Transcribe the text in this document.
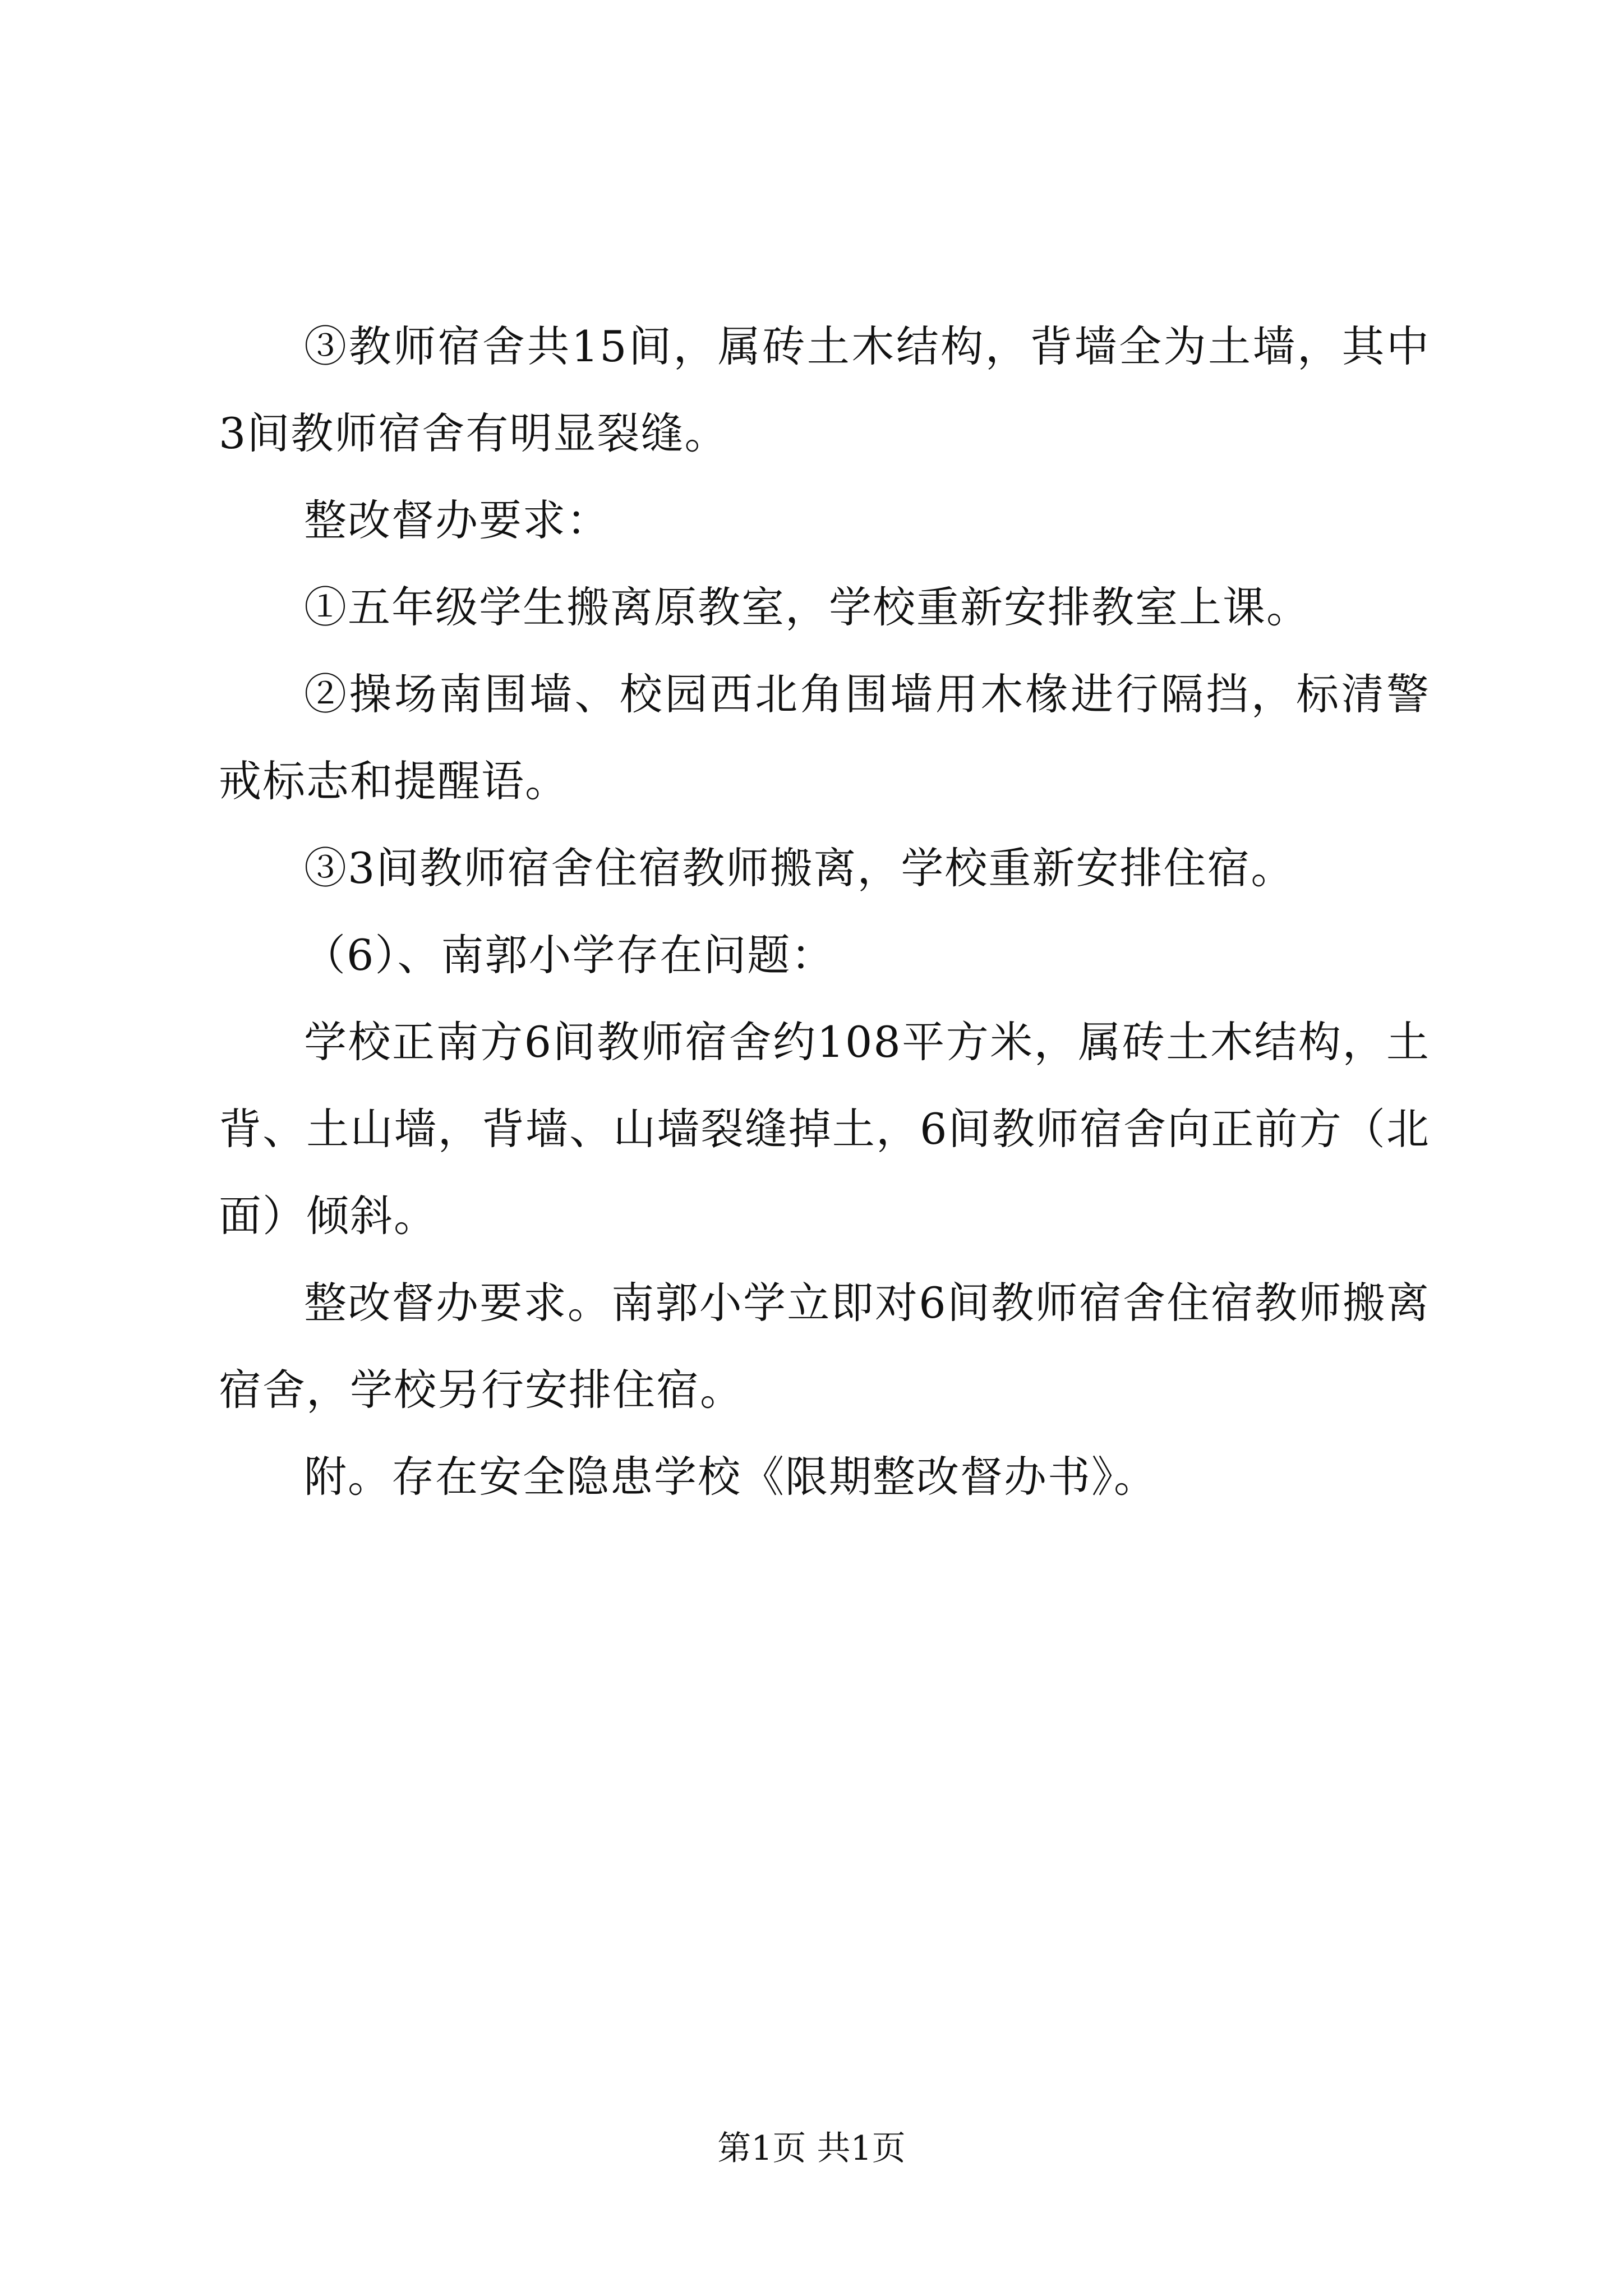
③教师宿舍共15间，属砖土木结构，背墙全为土墙，其中3间教师宿舍有明显裂缝。

整改督办要求：

①五年级学生搬离原教室，学校重新安排教室上课。

②操场南围墙、校园西北角围墙用木椽进行隔挡，标清警戒标志和提醒语。

③3间教师宿舍住宿教师搬离，学校重新安排住宿。

（6）、南郭小学存在问题：

学校正南方6间教师宿舍约108平方米，属砖土木结构，土背、土山墙，背墙、山墙裂缝掉土，6间教师宿舍向正前方（北面）倾斜。

整改督办要求。南郭小学立即对6间教师宿舍住宿教师搬离宿舍，学校另行安排住宿。

附。存在安全隐患学校《限期整改督办书》。

第1页 共1页
